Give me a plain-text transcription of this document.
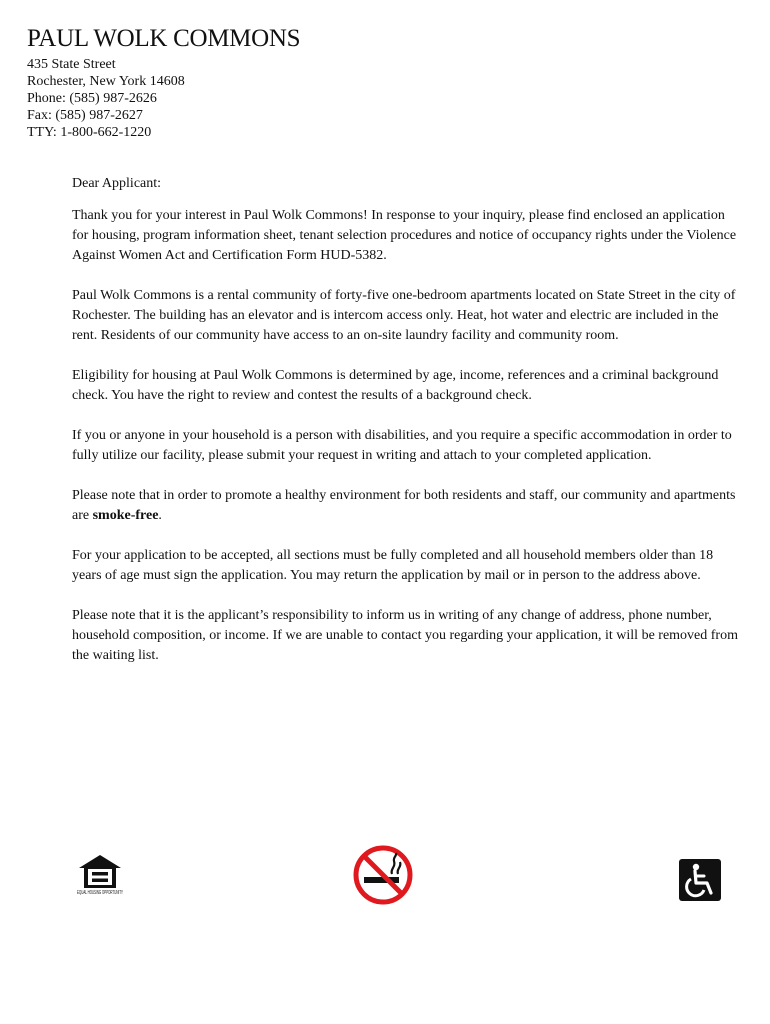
PAUL WOLK COMMONS
435 State Street
Rochester, New York 14608
Phone: (585) 987-2626
Fax: (585) 987-2627
TTY: 1-800-662-1220

Dear Applicant:

Thank you for your interest in Paul Wolk Commons! In response to your inquiry, please find enclosed an application for housing, program information sheet, tenant selection procedures and notice of occupancy rights under the Violence Against Women Act and Certification Form HUD-5382.

Paul Wolk Commons is a rental community of forty-five one-bedroom apartments located on State Street in the city of Rochester. The building has an elevator and is intercom access only. Heat, hot water and electric are included in the rent. Residents of our community have access to an on-site laundry facility and community room.

Eligibility for housing at Paul Wolk Commons is determined by age, income, references and a criminal background check. You have the right to review and contest the results of a background check.

If you or anyone in your household is a person with disabilities, and you require a specific accommodation in order to fully utilize our facility, please submit your request in writing and attach to your completed application.

Please note that in order to promote a healthy environment for both residents and staff, our community and apartments are smoke-free.

For your application to be accepted, all sections must be fully completed and all household members older than 18 years of age must sign the application. You may return the application by mail or in person to the address above.

Please note that it is the applicant’s responsibility to inform us in writing of any change of address, phone number, household composition, or income. If we are unable to contact you regarding your application, it will be removed from the waiting list.

EQUAL HOUSING OPPORTUNITY
